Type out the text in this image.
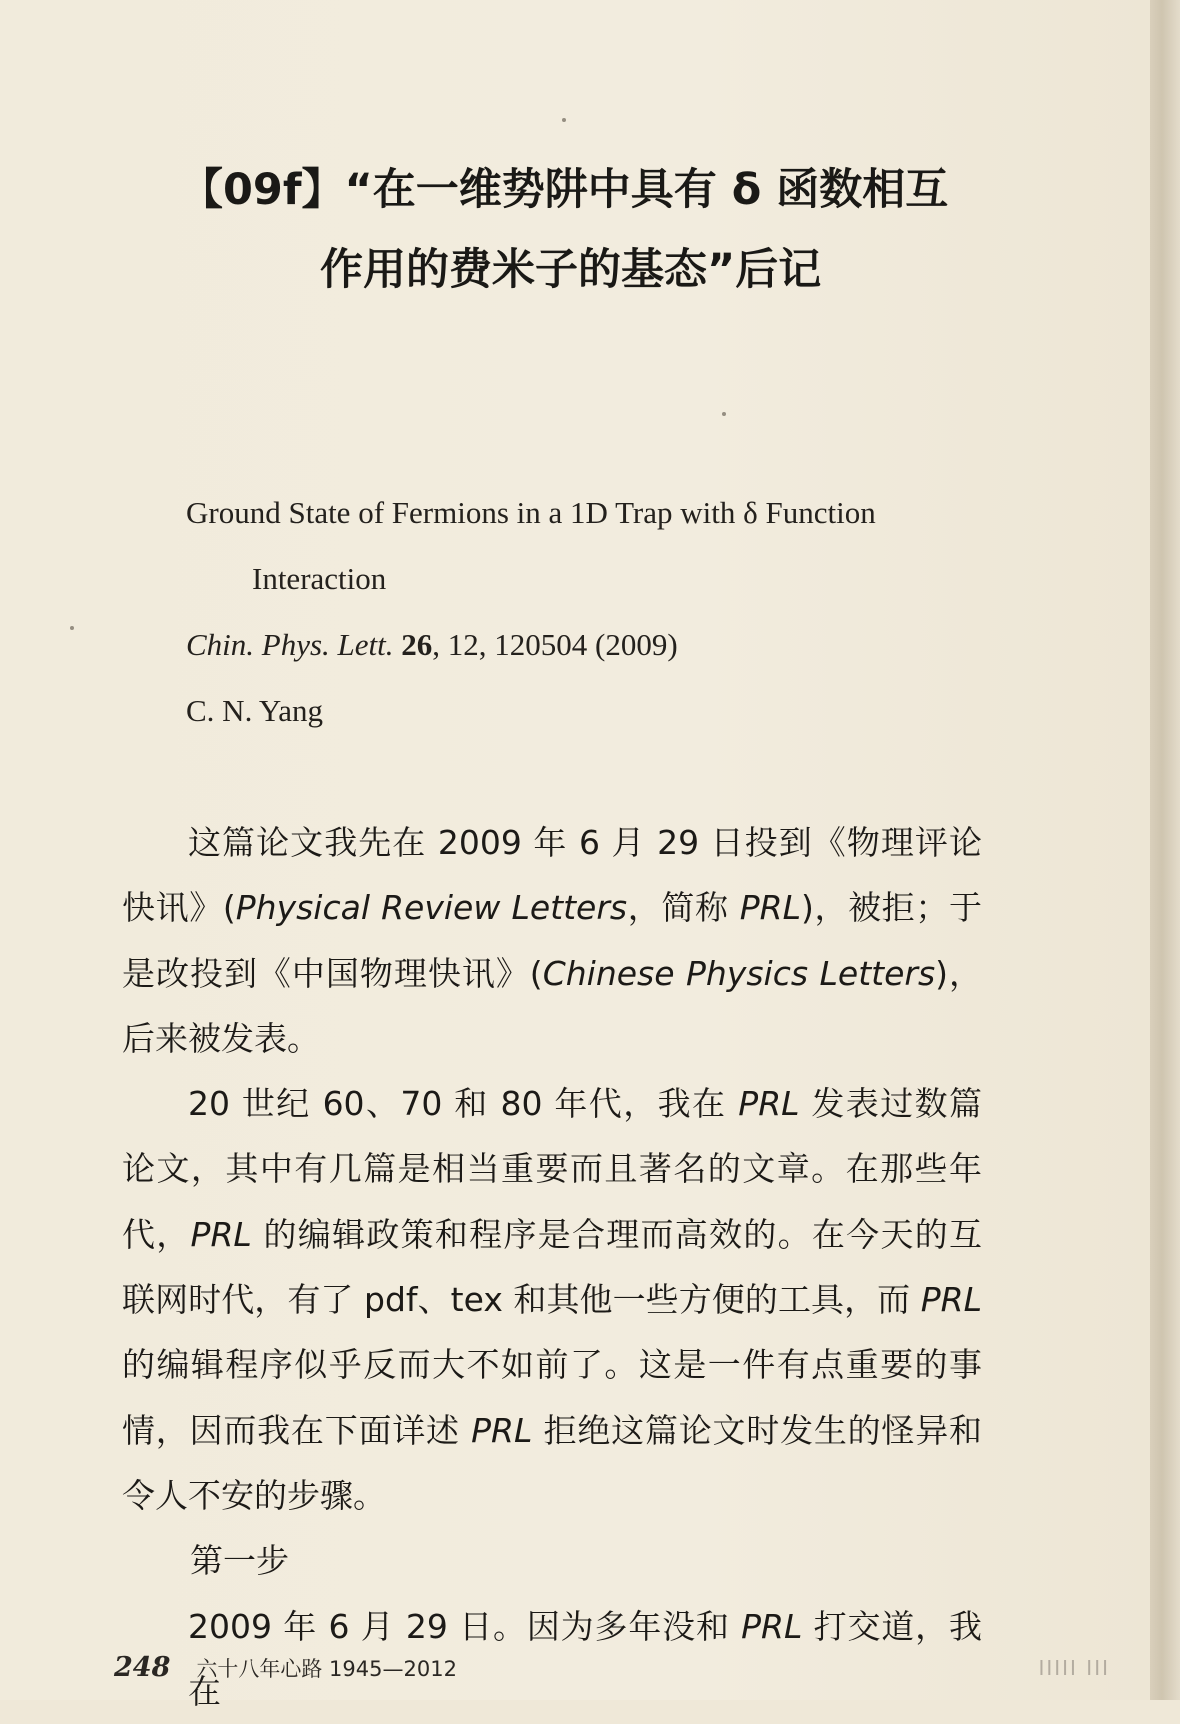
【09f】“在一维势阱中具有 δ 函数相互
作用的费米子的基态”后记
Ground State of Fermions in a 1D Trap with δ Function
Interaction
Chin. Phys. Lett. 26, 12, 120504 (2009)
C. N. Yang

这篇论文我先在 2009 年 6 月 29 日投到《物理评论快讯》(Physical Review Letters，简称 PRL)，被拒；于是改投到《中国物理快讯》(Chinese Physics Letters)，后来被发表。

20 世纪 60、70 和 80 年代，我在 PRL 发表过数篇论文，其中有几篇是相当重要而且著名的文章。在那些年代，PRL 的编辑政策和程序是合理而高效的。在今天的互联网时代，有了 pdf、tex 和其他一些方便的工具，而 PRL 的编辑程序似乎反而大不如前了。这是一件有点重要的事情，因而我在下面详述 PRL 拒绝这篇论文时发生的怪异和令人不安的步骤。

第一步

2009 年 6 月 29 日。因为多年没和 PRL 打交道，我在

248 六十八年心路 1945—2012	IIIII III
